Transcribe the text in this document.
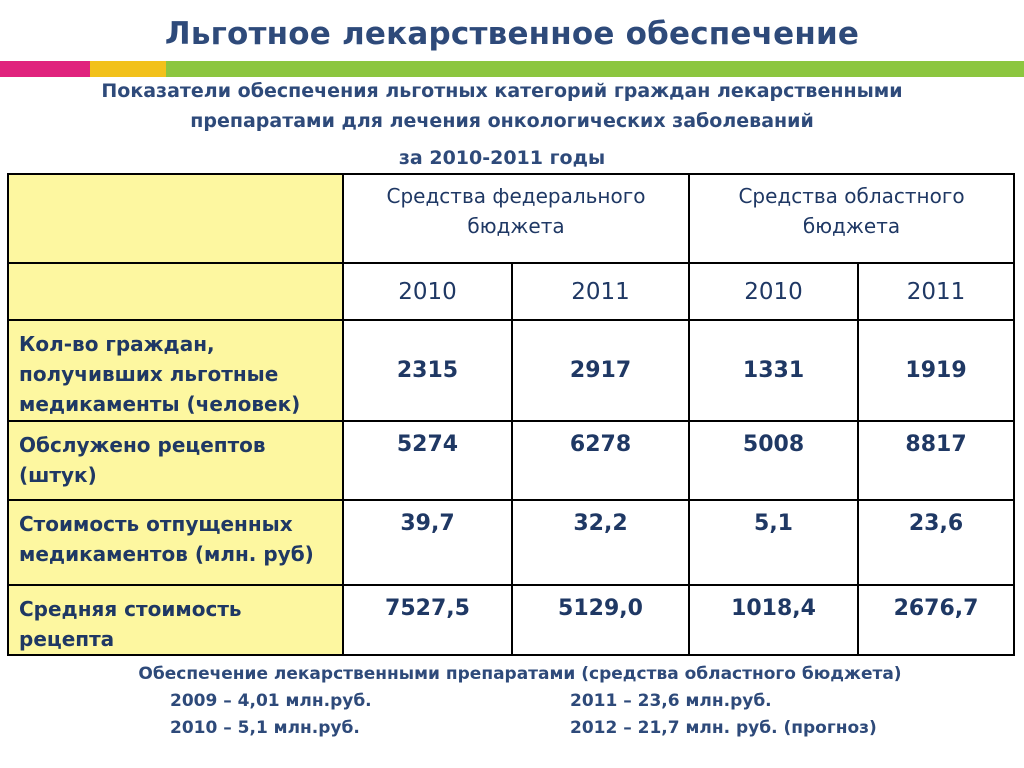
Льготное лекарственное обеспечение
Показатели обеспечения льготных категорий граждан лекарственными
препаратами для лечения онкологических заболеваний
за 2010-2011 годы
	Средства федерального бюджета		Средства областного бюджета	
	2010	2011	2010	2011
Кол-во граждан, получивших льготные медикаменты (человек)	2315	2917	1331	1919
Обслужено рецептов (штук)	5274	6278	5008	8817
Стоимость отпущенных медикаментов (млн. руб)	39,7	32,2	5,1	23,6
Средняя стоимость рецепта	7527,5	5129,0	1018,4	2676,7
Обеспечение лекарственными препаратами (средства областного бюджета)
2009 – 4,01 млн.руб.
2010 – 5,1 млн.руб.
2011 – 23,6 млн.руб.
2012 – 21,7 млн. руб. (прогноз)
